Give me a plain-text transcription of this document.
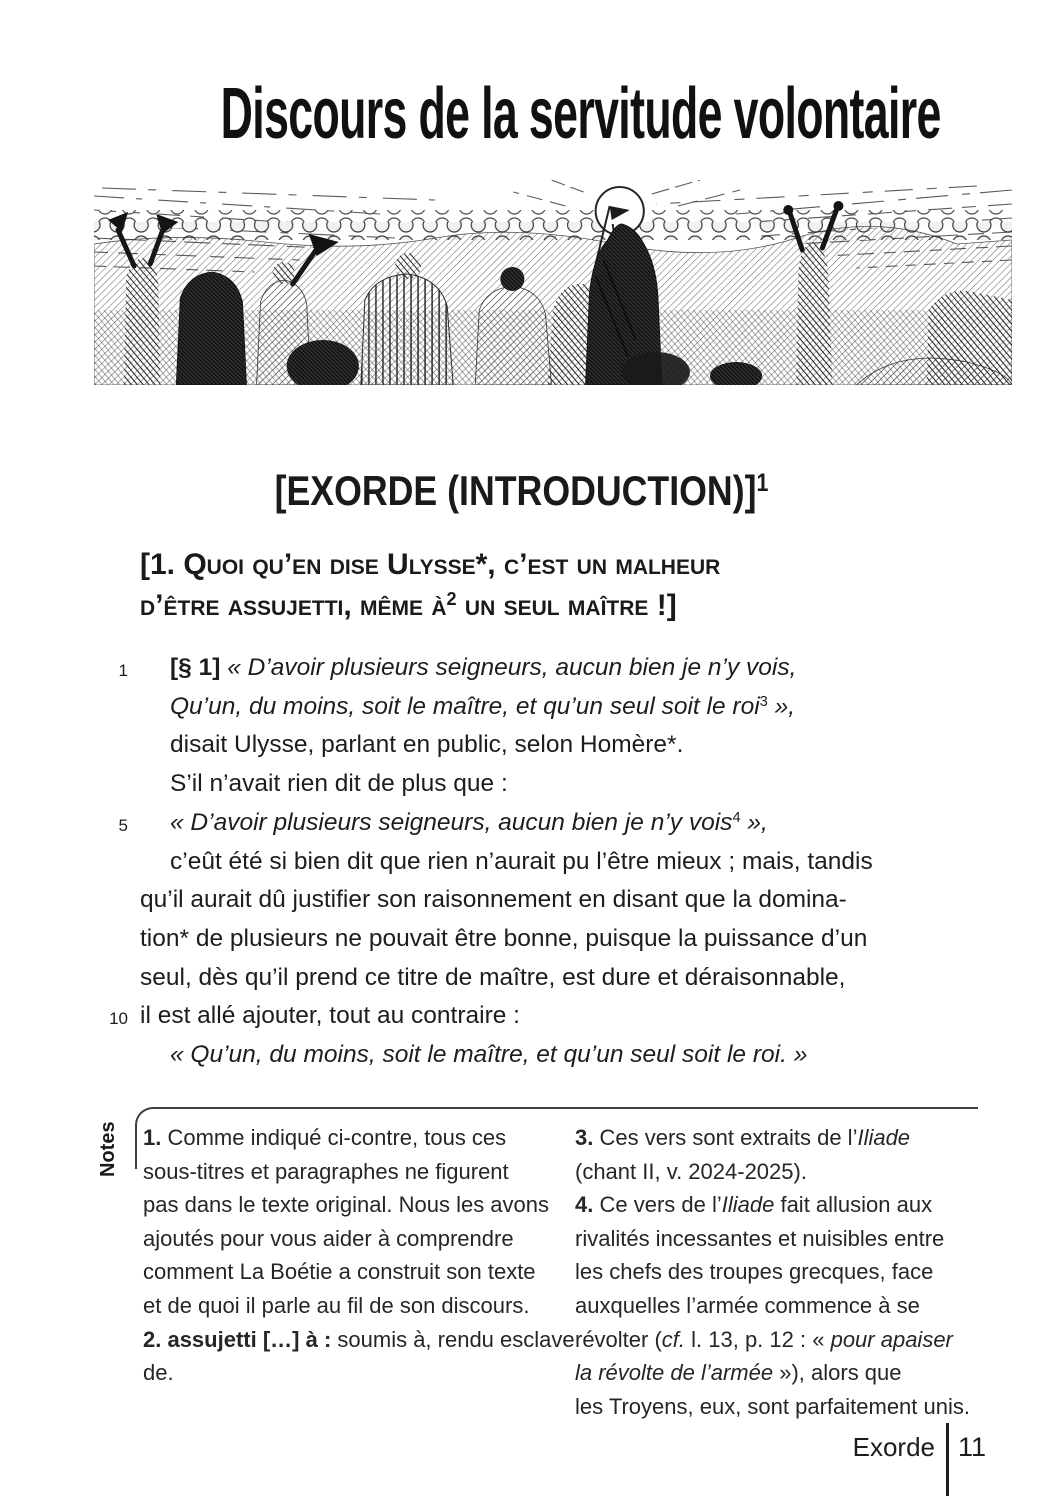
Discours de la servitude volontaire
[EXORDE (INTRODUCTION)]$^1$
[1. Quoi qu’en dise Ulysse*, c’est un malheur
d’être assujetti, même $à^2$ un seul maître !]
1
5
10
[§ 1] « D’avoir plusieurs seigneurs, aucun bien je n’y vois,
Qu’un, du moins, soit le maître, et qu’un seul soit le roi$^3$ »,
disait Ulysse, parlant en public, selon Homère*.
S’il n’avait rien dit de plus que :
« D’avoir plusieurs seigneurs, aucun bien je n’y vois$^4$ »,
c’eût été si bien dit que rien n’aurait pu l’être mieux ; mais, tandis
qu’il aurait dû justifier son raisonnement en disant que la domina-
tion* de plusieurs ne pouvait être bonne, puisque la puissance d’un
seul, dès qu’il prend ce titre de maître, est dure et déraisonnable,
il est allé ajouter, tout au contraire :
« Qu’un, du moins, soit le maître, et qu’un seul soit le roi. »
Notes 1. Comme indiqué ci-contre, tous ces
sous-titres et paragraphes ne figurent
pas dans le texte original. Nous les avons
ajoutés pour vous aider à comprendre
comment La Boétie a construit son texte
et de quoi il parle au fil de son discours.
2. assujetti […] à : soumis à, rendu esclave
de.
3. Ces vers sont extraits de l’Iliade
(chant II, v. 2024-2025).
4. Ce vers de l’Iliade fait allusion aux
rivalités incessantes et nuisibles entre
les chefs des troupes grecques, face
auxquelles l’armée commence à se
révolter (cf. l. 13, p. 12 : « pour apaiser
la révolte de l’armée »), alors que
les Troyens, eux, sont parfaitement unis.
Exorde 11
